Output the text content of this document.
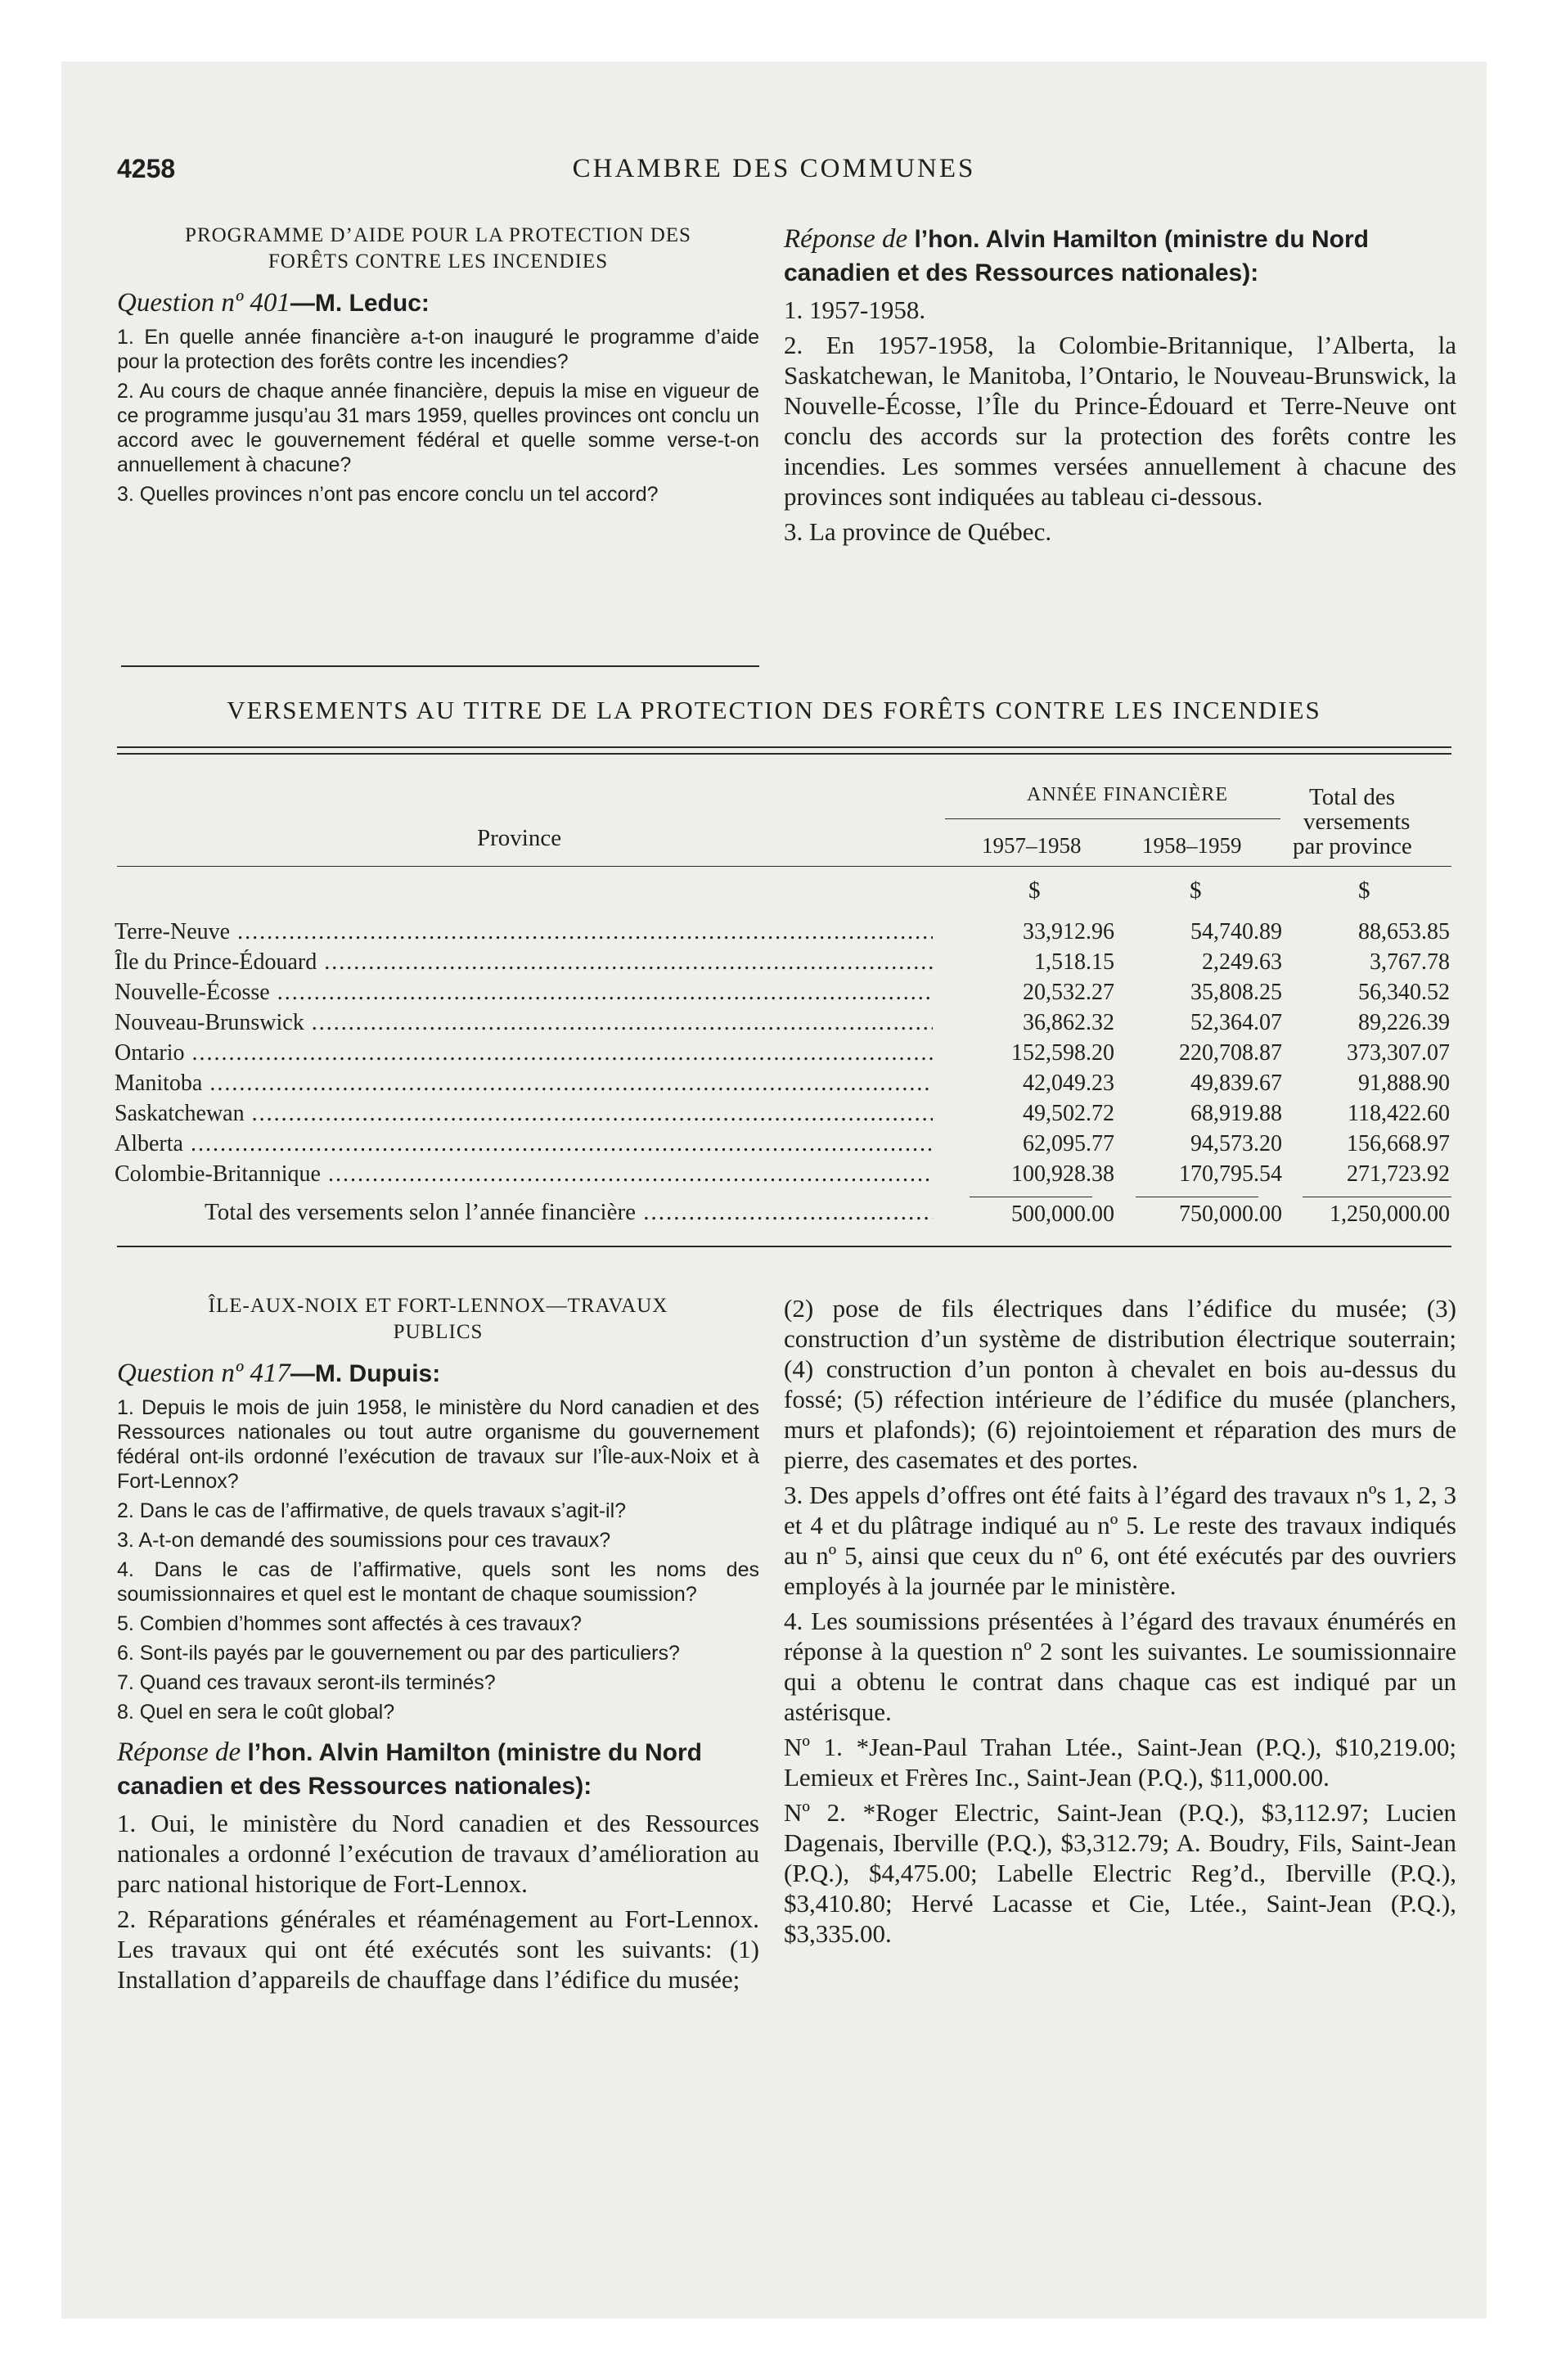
4258	CHAMBRE DES COMMUNES

PROGRAMME D’AIDE POUR LA PROTECTION DES

FORÊTS CONTRE LES INCENDIES

Question nº 401—M. Leduc:

1. En quelle année financière a-t-on inauguré le programme d’aide pour la protection des forêts contre les incendies?

2. Au cours de chaque année financière, depuis la mise en vigueur de ce programme jusqu’au 31 mars 1959, quelles provinces ont conclu un accord avec le gouvernement fédéral et quelle somme verse-t-on annuellement à chacune?

3. Quelles provinces n’ont pas encore conclu un tel accord?

Réponse de l’hon. Alvin Hamilton (ministre du Nord canadien et des Ressources nationales):

1. 1957-1958.

2. En 1957-1958, la Colombie-Britannique, l’Alberta, la Saskatchewan, le Manitoba, l’Ontario, le Nouveau-Brunswick, la Nouvelle-Écosse, l’Île du Prince-Édouard et Terre-Neuve ont conclu des accords sur la protection des forêts contre les incendies. Les sommes versées annuellement à chacune des provinces sont indiquées au tableau ci-dessous.

3. La province de Québec.

VERSEMENTS AU TITRE DE LA PROTECTION DES FORÊTS CONTRE LES INCENDIES
Province
ANNÉE FINANCIÈRE
1957–1958	1958–1959
Total des
versements
par province
$	$	$
Terre-Neuve .....	33,912.96	54,740.89	88,653.85
Île du Prince-Édouard .....	1,518.15	2,249.63	3,767.78
Nouvelle-Écosse .....	20,532.27	35,808.25	56,340.52
Nouveau-Brunswick .....	36,862.32	52,364.07	89,226.39
Ontario .....	152,598.20	220,708.87	373,307.07
Manitoba .....	42,049.23	49,839.67	91,888.90
Saskatchewan .....	49,502.72	68,919.88	118,422.60
Alberta .....	62,095.77	94,573.20	156,668.97
Colombie-Britannique .....	100,928.38	170,795.54	271,723.92
Total des versements selon l’année financière .....	500,000.00	750,000.00 1,250,000.00

ÎLE-AUX-NOIX ET FORT-LENNOX—TRAVAUX

PUBLICS

Question nº 417—M. Dupuis:

1. Depuis le mois de juin 1958, le ministère du Nord canadien et des Ressources nationales ou tout autre organisme du gouvernement fédéral ont-ils ordonné l’exécution de travaux sur l’Île-aux-Noix et à Fort-Lennox?

2. Dans le cas de l’affirmative, de quels travaux s’agit-il?

3. A-t-on demandé des soumissions pour ces travaux?

4. Dans le cas de l’affirmative, quels sont les noms des soumissionnaires et quel est le montant de chaque soumission?

5. Combien d’hommes sont affectés à ces travaux?

6. Sont-ils payés par le gouvernement ou par des particuliers?

7. Quand ces travaux seront-ils terminés?

8. Quel en sera le coût global?

Réponse de l’hon. Alvin Hamilton (ministre du Nord canadien et des Ressources nationales):

1. Oui, le ministère du Nord canadien et des Ressources nationales a ordonné l’exécution de travaux d’amélioration au parc national historique de Fort-Lennox.

2. Réparations générales et réaménagement au Fort-Lennox. Les travaux qui ont été exécutés sont les suivants: (1) Installation d’appareils de chauffage dans l’édifice du musée;

(2) pose de fils électriques dans l’édifice du musée; (3) construction d’un système de distribution électrique souterrain; (4) construction d’un ponton à chevalet en bois au-dessus du fossé; (5) réfection intérieure de l’édifice du musée (planchers, murs et plafonds); (6) rejointoiement et réparation des murs de pierre, des casemates et des portes.

3. Des appels d’offres ont été faits à l’égard des travaux nºs 1, 2, 3 et 4 et du plâtrage indiqué au nº 5. Le reste des travaux indiqués au nº 5, ainsi que ceux du nº 6, ont été exécutés par des ouvriers employés à la journée par le ministère.

4. Les soumissions présentées à l’égard des travaux énumérés en réponse à la question nº 2 sont les suivantes. Le soumissionnaire qui a obtenu le contrat dans chaque cas est indiqué par un astérisque.

Nº 1. *Jean-Paul Trahan Ltée., Saint-Jean (P.Q.), $10,219.00; Lemieux et Frères Inc., Saint-Jean (P.Q.), $11,000.00.

Nº 2. *Roger Electric, Saint-Jean (P.Q.), $3,112.97; Lucien Dagenais, Iberville (P.Q.), $3,312.79; A. Boudry, Fils, Saint-Jean (P.Q.), $4,475.00; Labelle Electric Reg’d., Iberville (P.Q.), $3,410.80; Hervé Lacasse et Cie, Ltée., Saint-Jean (P.Q.), $3,335.00.
